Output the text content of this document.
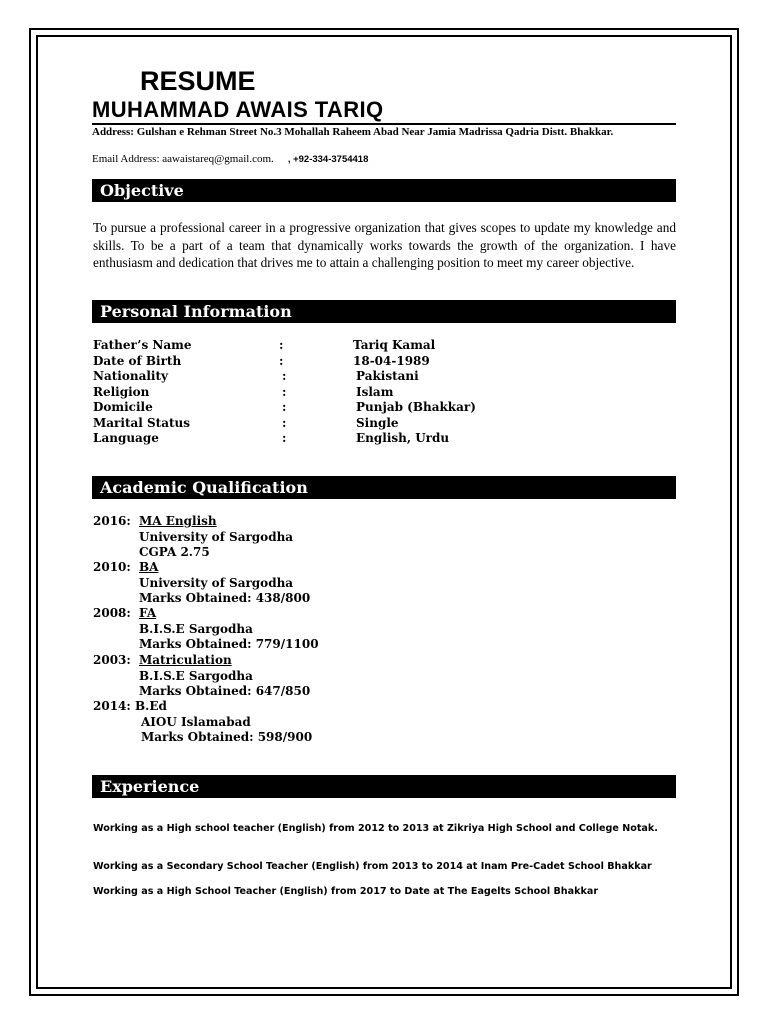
RESUME
MUHAMMAD AWAIS TARIQ
Address: Gulshan e Rehman Street No.3 Mohallah Raheem Abad Near Jamia Madrissa Qadria Distt. Bhakkar.
Email Address: aawaistareq@gmail.com. , +92-334-3754418
Objective
To pursue a professional career in a progressive organization that gives scopes to update my knowledge and skills. To be a part of a team that dynamically works towards the growth of the organization. I have enthusiasm and dedication that drives me to attain a challenging position to meet my career objective.
Personal Information
Father’s Name	:	Tariq Kamal
Date of Birth	:	18-04-1989
Nationality	:	Pakistani
Religion	:	Islam
Domicile	:	Punjab (Bhakkar)
Marital Status	:	Single
Language	:	English, Urdu
Academic Qualification
2016: MA English
University of Sargodha
CGPA 2.75
2010: BA
University of Sargodha
Marks Obtained: 438/800
2008: FA
B.I.S.E Sargodha
Marks Obtained: 779/1100
2003: Matriculation
B.I.S.E Sargodha
Marks Obtained: 647/850
2014: B.Ed
AIOU Islamabad
Marks Obtained: 598/900
Experience
Working as a High school teacher (English) from 2012 to 2013 at Zikriya High School and College Notak.
Working as a Secondary School Teacher (English) from 2013 to 2014 at Inam Pre-Cadet School Bhakkar
Working as a High School Teacher (English) from 2017 to Date at The Eagelts School Bhakkar
